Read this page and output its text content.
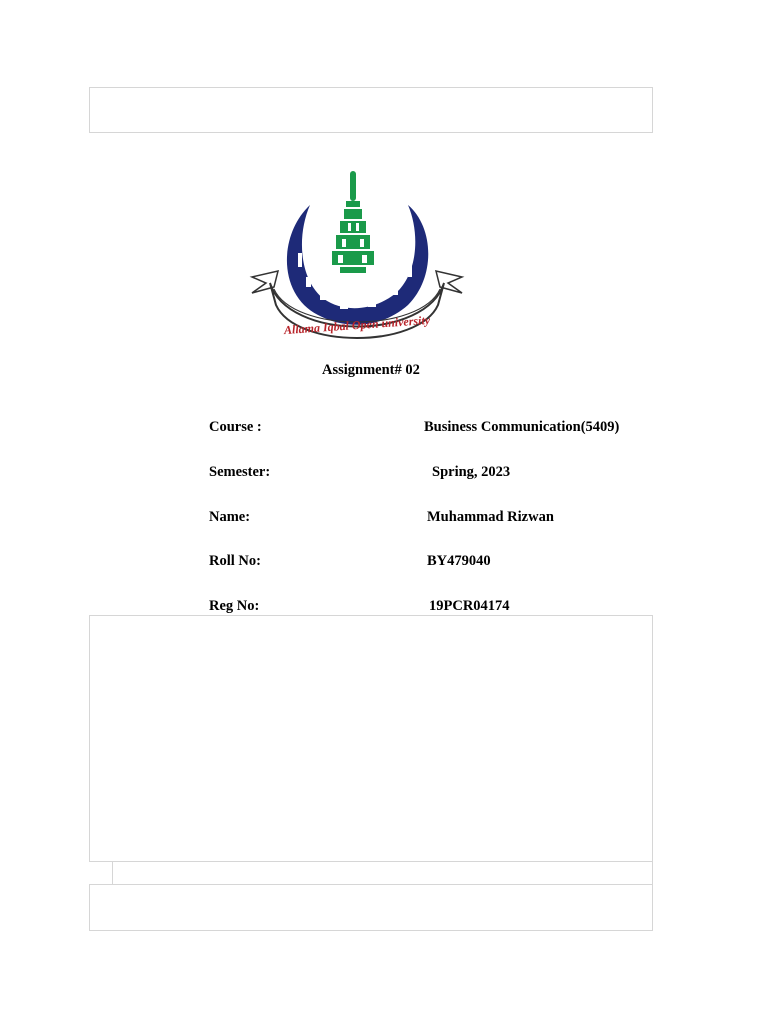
Allama Iqbal Open university
Assignment# 02
Course :	Business Communication(5409)
Semester:	Spring, 2023
Name:	Muhammad Rizwan
Roll No:	BY479040
Reg No:	19PCR04174
